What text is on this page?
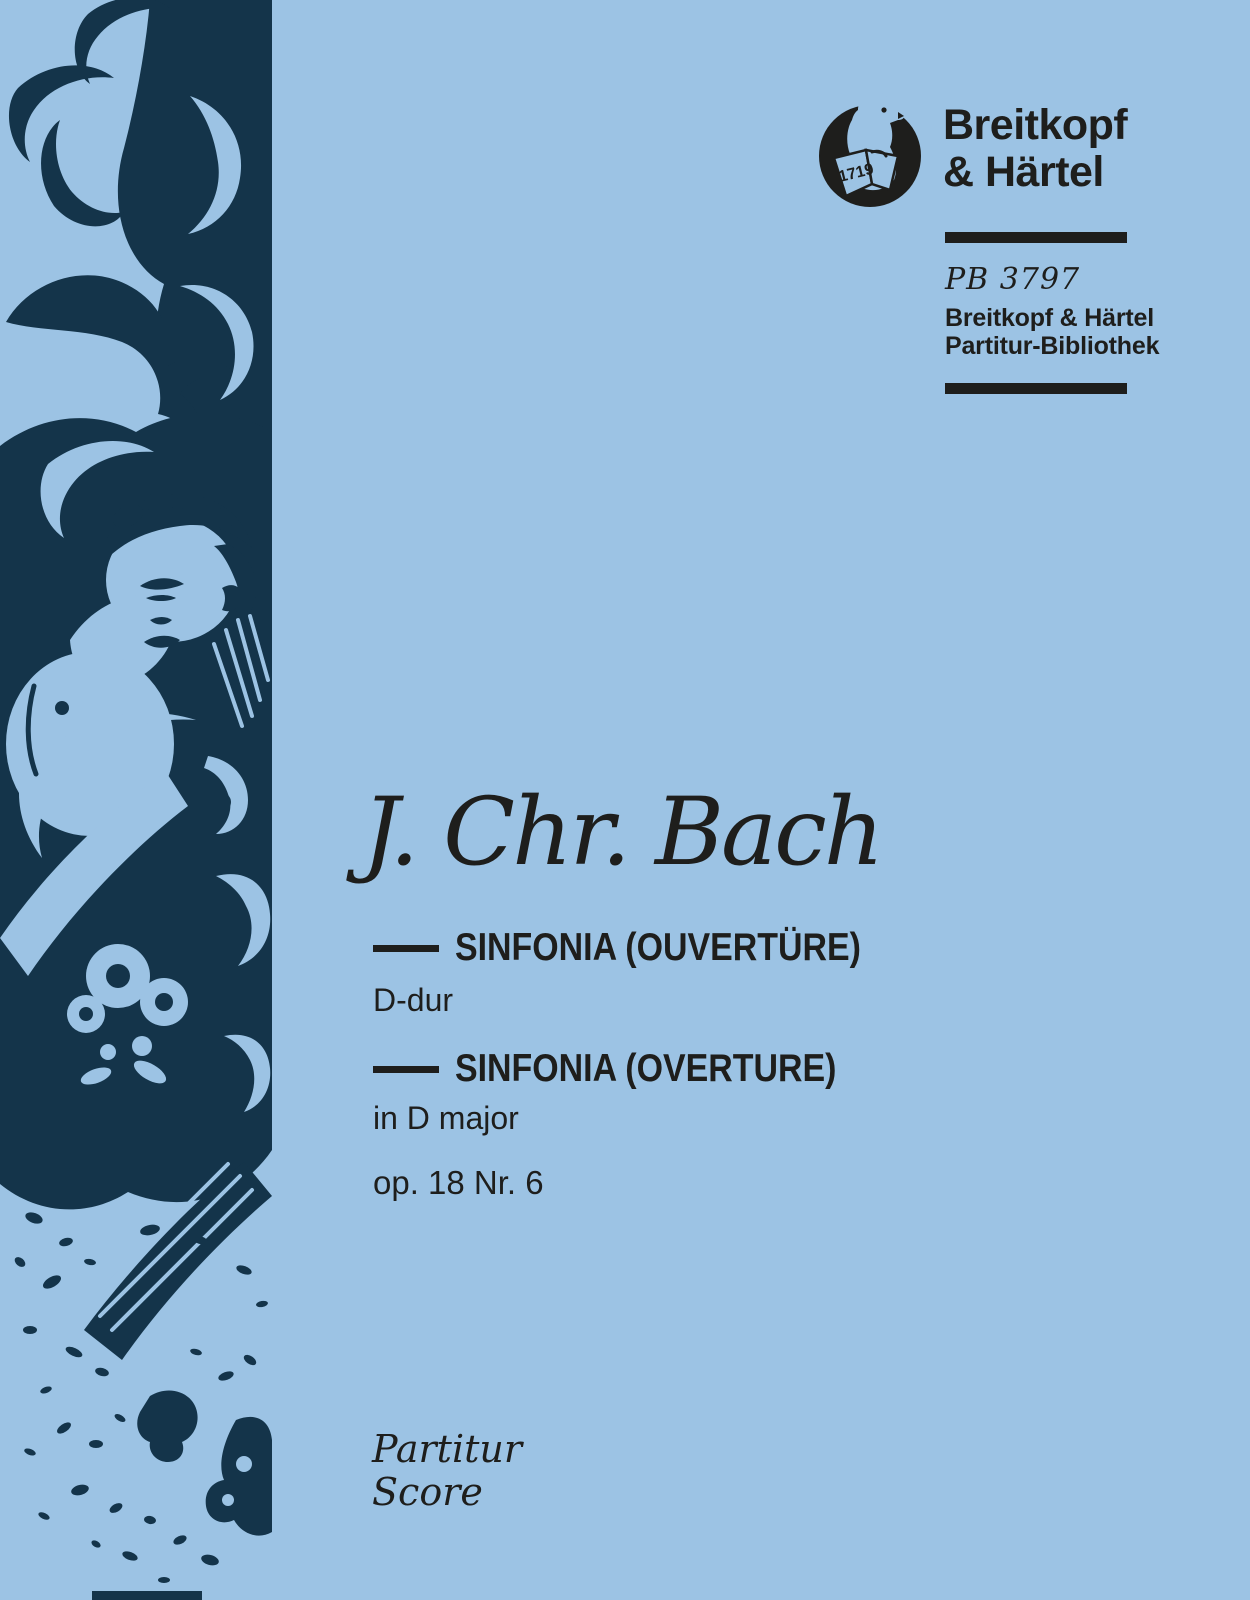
1719
Breitkopf
& Härtel
PB 3797
Breitkopf & Härtel
Partitur-Bibliothek
J. Chr. Bach
SINFONIA (OUVERTÜRE)
D-dur
SINFONIA (OVERTURE)
in D major
op. 18 Nr. 6
Partitur
Score
